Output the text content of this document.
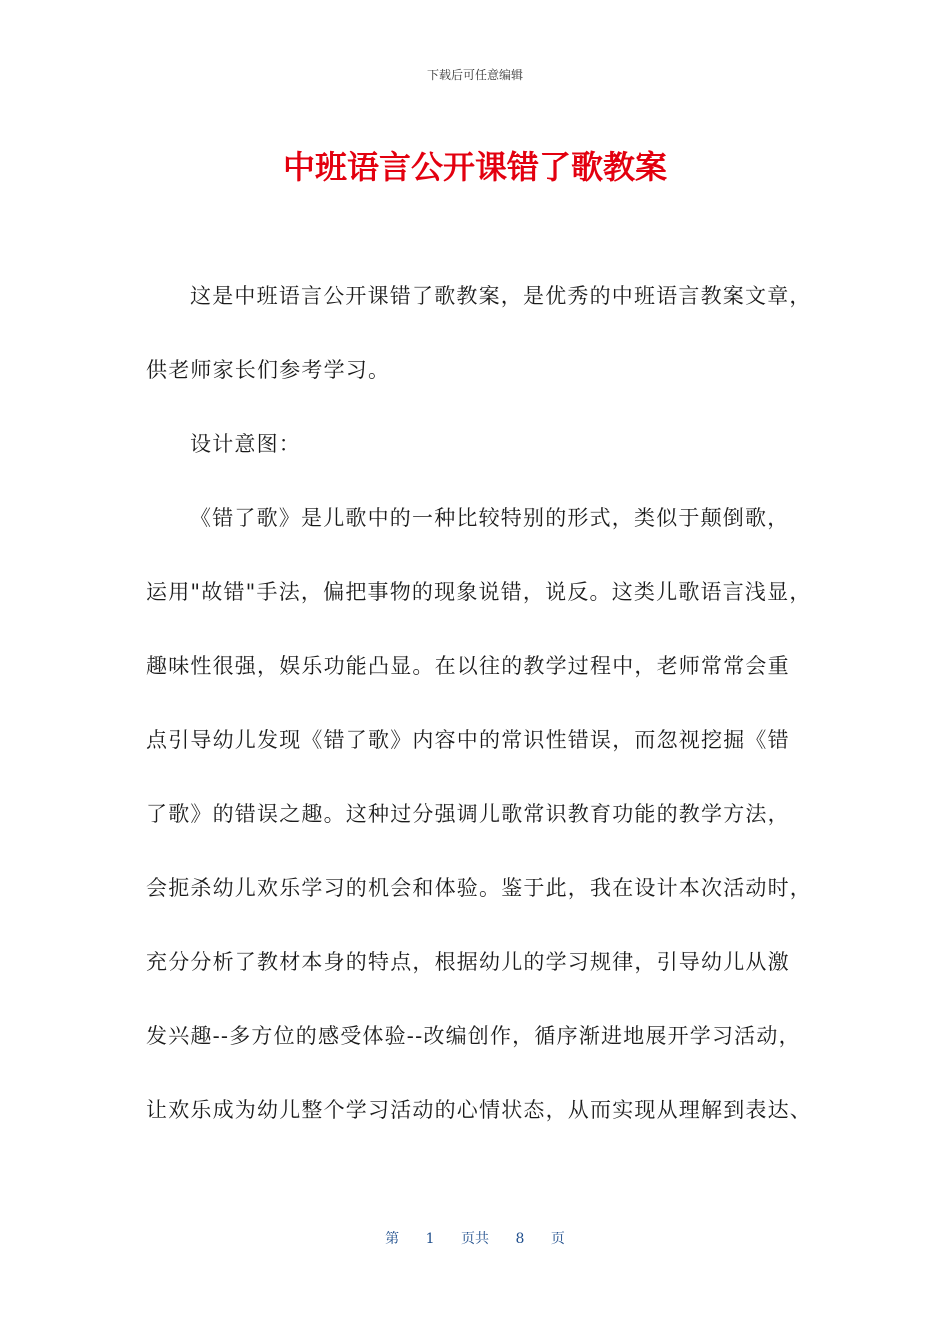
下载后可任意编辑
中班语言公开课错了歌教案
这是中班语言公开课错了歌教案，是优秀的中班语言教案文章，
供老师家长们参考学习。
设计意图：
《错了歌》是儿歌中的一种比较特别的形式，类似于颠倒歌，
运用"故错"手法，偏把事物的现象说错，说反。这类儿歌语言浅显，
趣味性很强，娱乐功能凸显。在以往的教学过程中，老师常常会重
点引导幼儿发现《错了歌》内容中的常识性错误，而忽视挖掘《错
了歌》的错误之趣。这种过分强调儿歌常识教育功能的教学方法，
会扼杀幼儿欢乐学习的机会和体验。鉴于此，我在设计本次活动时，
充分分析了教材本身的特点，根据幼儿的学习规律，引导幼儿从激
发兴趣--多方位的感受体验--改编创作，循序渐进地展开学习活动，
让欢乐成为幼儿整个学习活动的心情状态，从而实现从理解到表达、
第 1 页共 8 页
